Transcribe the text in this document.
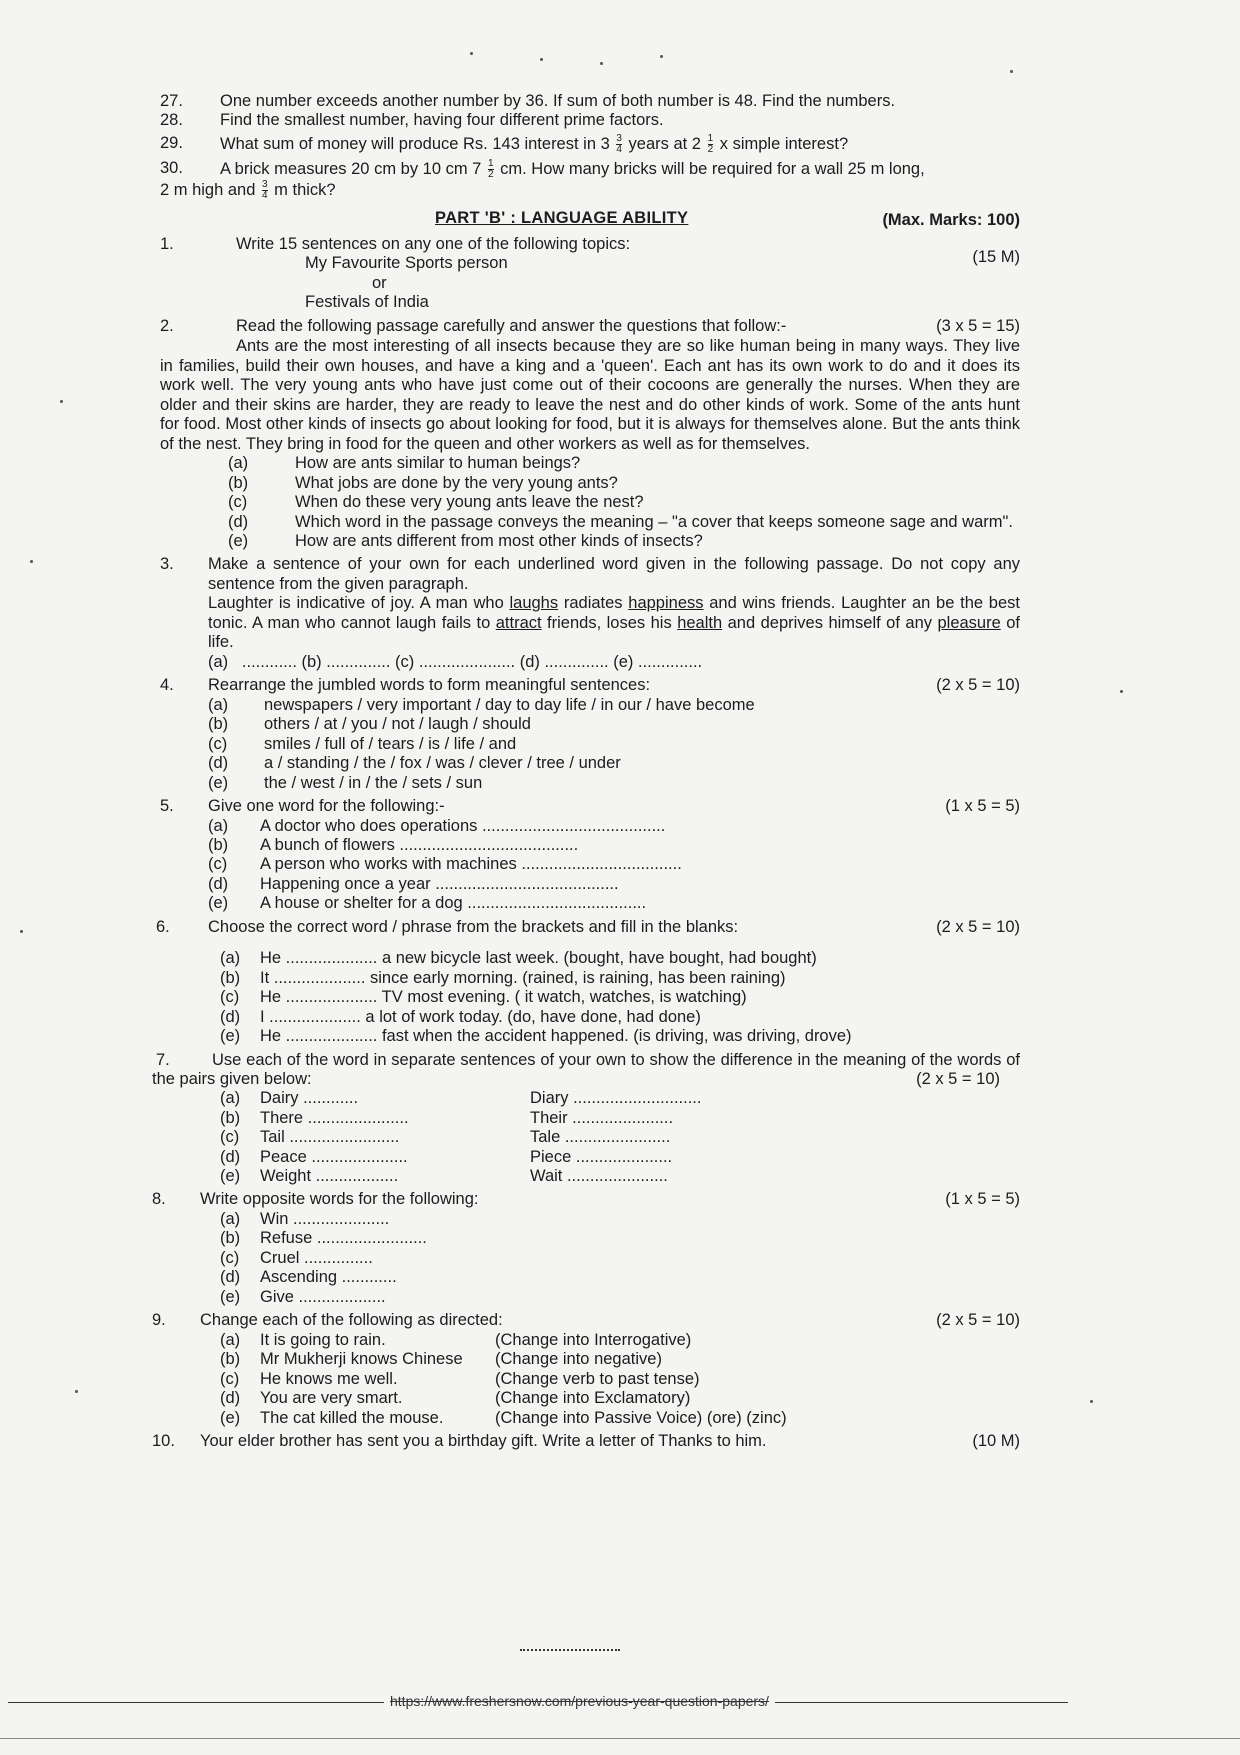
27.	One number exceeds another number by 36. If sum of both number is 48. Find the numbers.
28.	Find the smallest number, having four different prime factors.
29.	What sum of money will produce Rs. 143 interest in $3 \frac{3}{4}$ years at $2 \frac{1}{2}$ x simple interest?
30.	A brick measures 20 cm by 10 cm $7 \frac{1}{2}$ cm. How many bricks will be required for a wall 25 m long,
2 m high and $\frac{3}{4}$ m thick?
PART 'B' : LANGUAGE ABILITY	(Max. Marks: 100)
1.	Write 15 sentences on any one of the following topics:
My Favourite Sports person	(15 M)
or
Festivals of India
2.	(3 x 5 = 15)
Read the following passage carefully and answer the questions that follow:-
Ants are the most interesting of all insects because they are so like human being in many ways. They live in families, build their own houses, and have a king and a 'queen'. Each ant has its own work to do and it does its work well. The very young ants who have just come out of their cocoons are generally the nurses. When they are older and their skins are harder, they are ready to leave the nest and do other kinds of work. Some of the ants hunt for food. Most other kinds of insects go about looking for food, but it is always for themselves alone. But the ants think of the nest. They bring in food for the queen and other workers as well as for themselves.
(a)	How are ants similar to human beings?
(b)	What jobs are done by the very young ants?
(c)	When do these very young ants leave the nest?
(d)	Which word in the passage conveys the meaning – "a cover that keeps someone sage and warm".
(e)	How are ants different from most other kinds of insects?
3.	Make a sentence of your own for each underlined word given in the following passage. Do not copy any sentence from the given paragraph.
Laughter is indicative of joy. A man who laughs radiates happiness and wins friends. Laughter an be the best tonic. A man who cannot laugh fails to attract friends, loses his health and deprives himself of any pleasure of life.
(a)   ............ (b) .............. (c) ..................... (d) .............. (e) ..............
4.	(2 x 5 = 10)
Rearrange the jumbled words to form meaningful sentences:
(a) newspapers / very important / day to day life / in our / have become
(b) others / at / you / not / laugh / should
(c) smiles / full of / tears / is / life / and
(d) a / standing / the / fox / was / clever / tree / under
(e) the / west / in / the / sets / sun
5.	(1 x 5 = 5)
Give one word for the following:-
(a) A doctor who does operations ........................................
(b) A bunch of flowers .......................................
(c) A person who works with machines ...................................
(d) Happening once a year ........................................
(e) A house or shelter for a dog .......................................
6.	(2 x 5 = 10)
Choose the correct word / phrase from the brackets and fill in the blanks:
(a) He .................... a new bicycle last week. (bought, have bought, had bought)
(b) It .................... since early morning. (rained, is raining, has been raining)
(c) He .................... TV most evening. ( it watch, watches, is watching)
(d) I .................... a lot of work today. (do, have done, had done)
(e) He .................... fast when the accident happened. (is driving, was driving, drove)
7.	Use each of the word in separate sentences of your own to show the difference in the meaning of the words of the pairs given below:	(2 x 5 = 10)
(a) Dairy ............	Diary ............................
(b) There ......................	Their ......................
(c) Tail ........................	Tale .......................
(d) Peace .....................	Piece .....................
(e) Weight ..................	Wait ......................
8.	(1 x 5 = 5)
Write opposite words for the following:
(a) Win .....................
(b) Refuse ........................
(c) Cruel ...............
(d) Ascending ............
(e) Give ...................
9.	(2 x 5 = 10)
Change each of the following as directed:
(a) It is going to rain.	(Change into Interrogative)
(b) Mr Mukherji knows Chinese	(Change into negative)
(c) He knows me well.	(Change verb to past tense)
(d) You are very smart.	(Change into Exclamatory)
(e) The cat killed the mouse.	(Change into Passive Voice) (ore) (zinc)
10.	(10 M)
Your elder brother has sent you a birthday gift. Write a letter of Thanks to him.
https://www.freshersnow.com/previous-year-question-papers/
